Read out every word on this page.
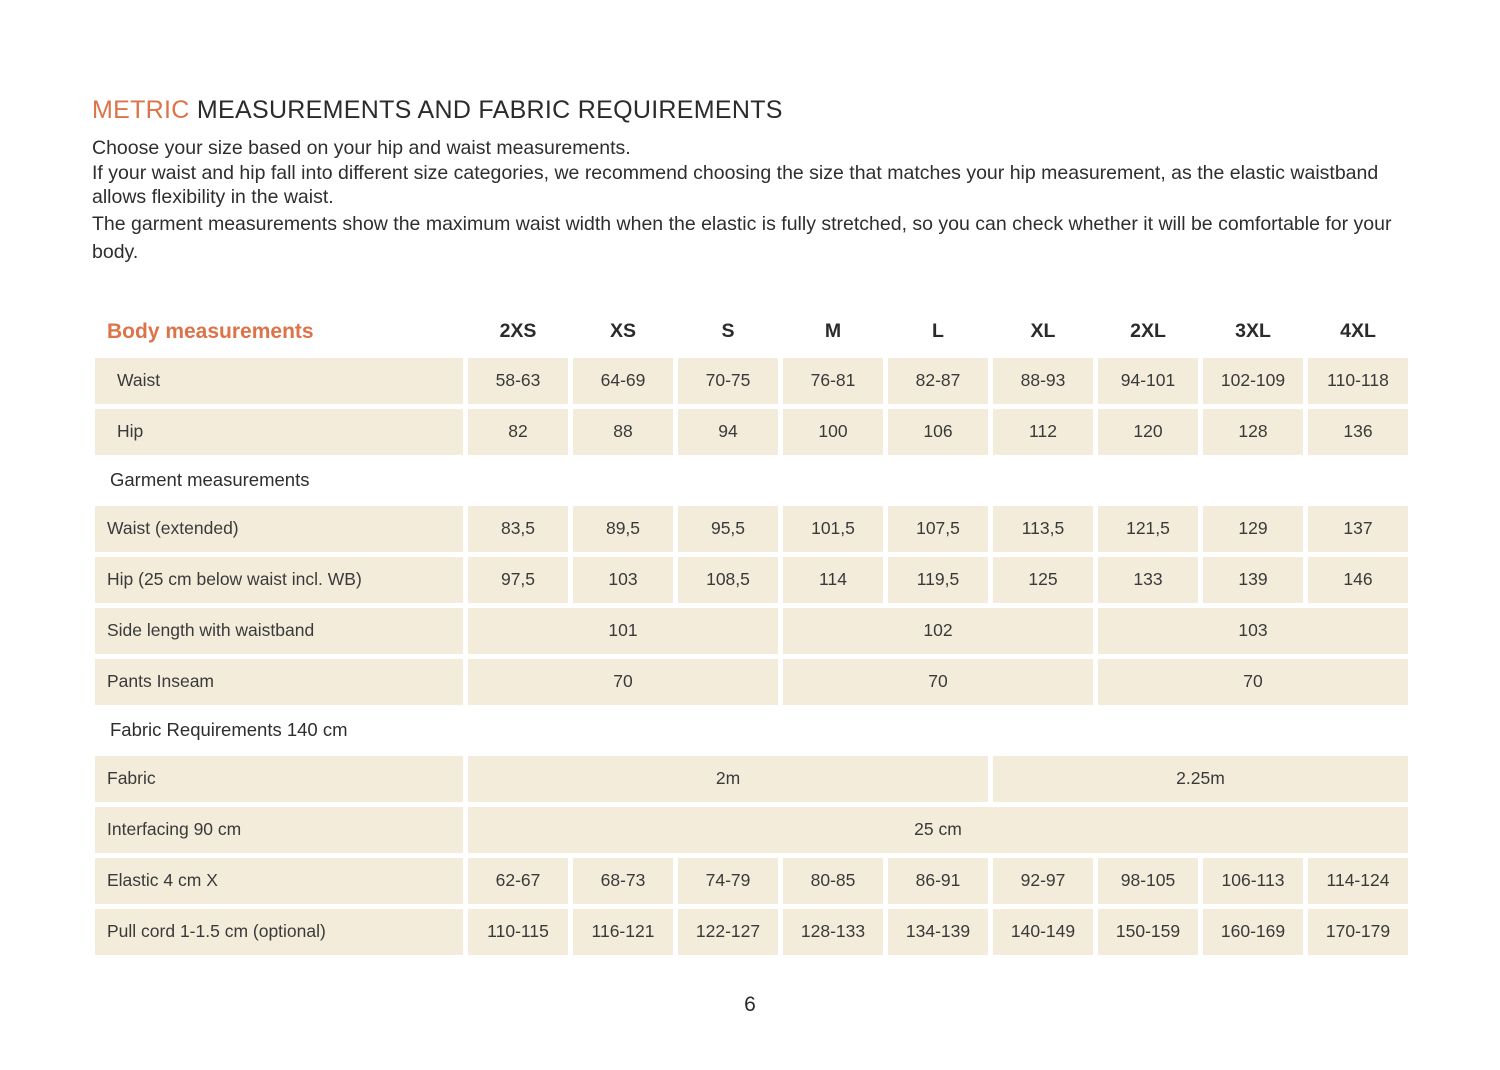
METRIC MEASUREMENTS AND FABRIC REQUIREMENTS

Choose your size based on your hip and waist measurements.

If your waist and hip fall into different size categories, we recommend choosing the size that matches your hip measurement, as the elastic waistband allows flexibility in the waist.

The garment measurements show the maximum waist width when the elastic is fully stretched, so you can check whether it will be comfortable for your body.

Body measurements	2XS	XS	S	M	L	XL	2XL	3XL	4XL
Waist	58-63	64-69	70-75	76-81	82-87	88-93	94-101	102-109	110-118
Hip	82	88	94	100	106	112	120	128	136
Garment measurements
Waist (extended)	83,5	89,5	95,5	101,5	107,5	113,5	121,5	129	137
Hip (25 cm below waist incl. WB)	97,5	103	108,5	114	119,5	125	133	139	146
Side length with waistband	101	102	103
Pants Inseam	70	70	70
Fabric Requirements 140 cm
Fabric	2m	2.25m
Interfacing 90 cm	25 cm
Elastic 4 cm X	62-67	68-73	74-79	80-85	86-91	92-97	98-105	106-113	114-124
Pull cord 1-1.5 cm (optional)	110-115	116-121	122-127	128-133	134-139	140-149	150-159	160-169	170-179
6
